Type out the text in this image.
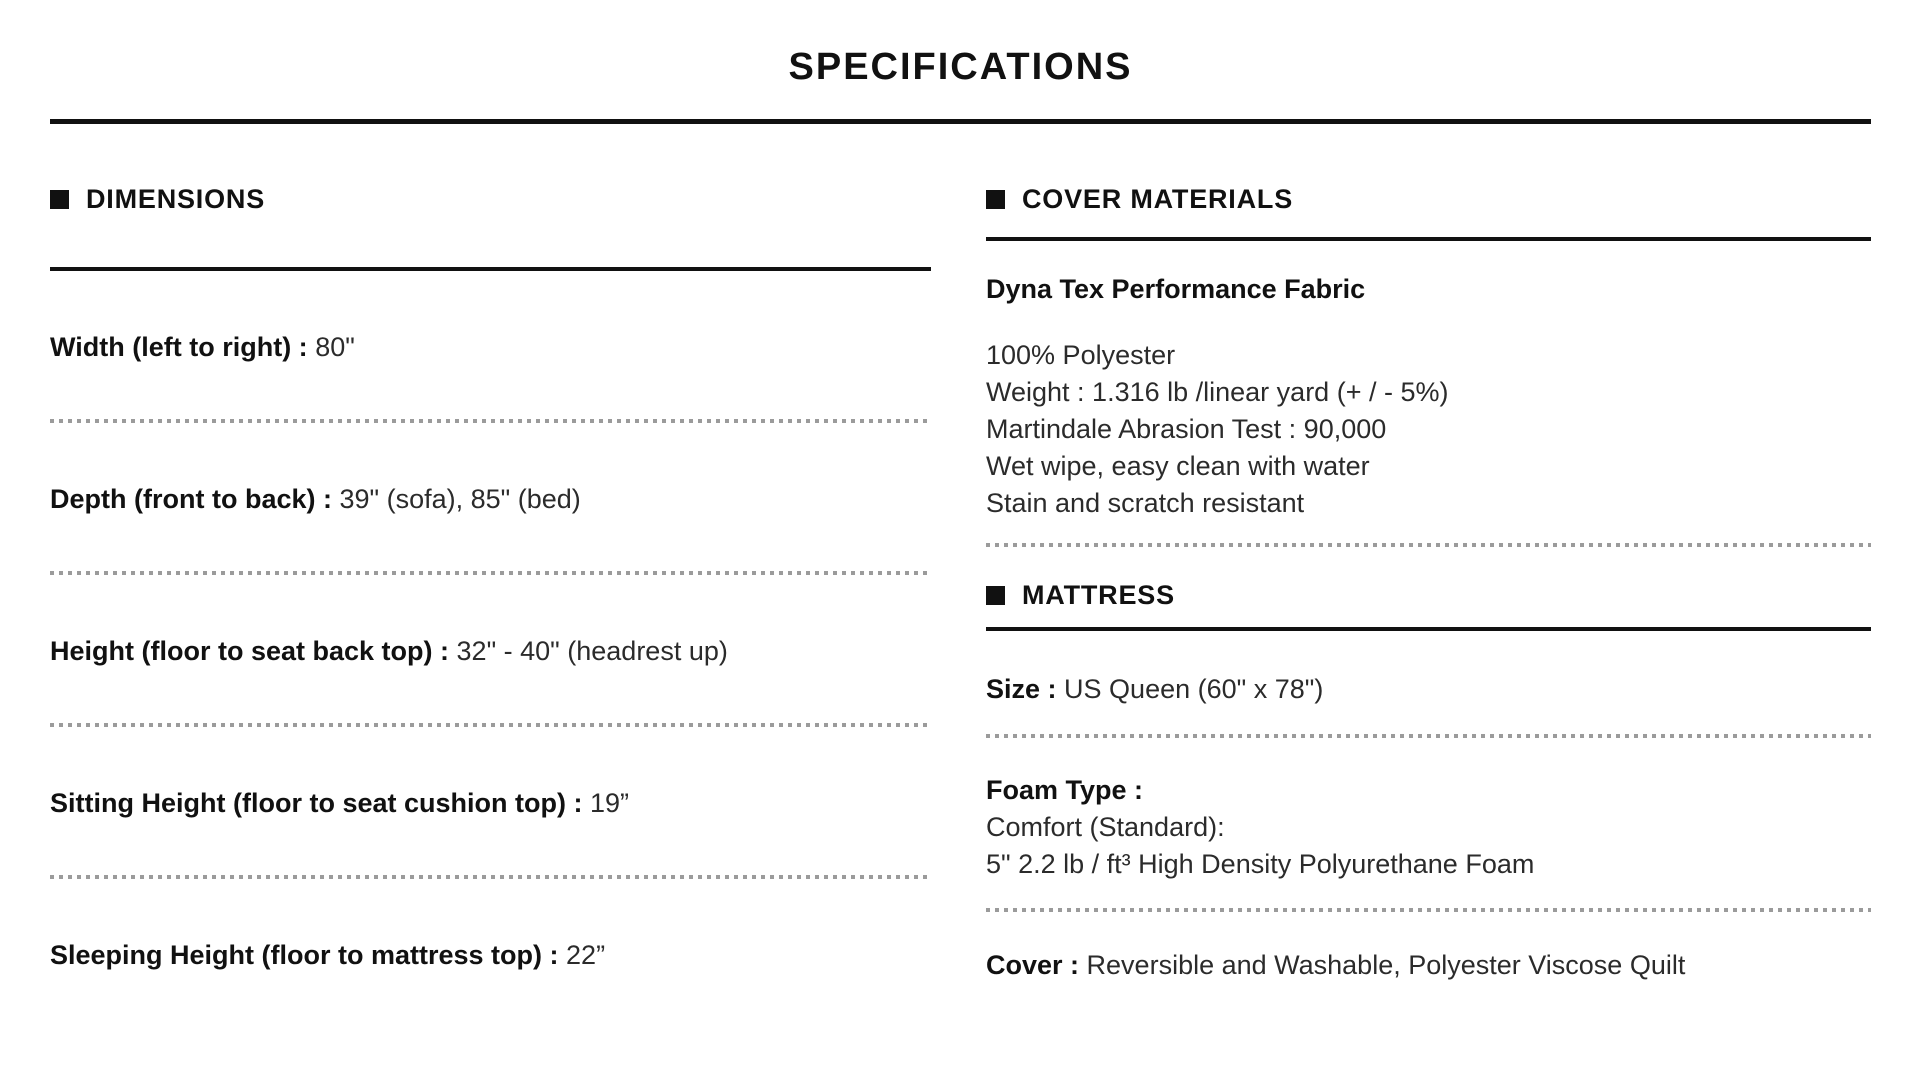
SPECIFICATIONS
DIMENSIONS
Width (left to right) : 80"
Depth (front to back) : 39" (sofa), 85" (bed)
Height (floor to seat back top) : 32" - 40" (headrest up)
Sitting Height (floor to seat cushion top) : 19”
Sleeping Height (floor to mattress top) : 22”
COVER MATERIALS
Dyna Tex Performance Fabric
100% Polyester
Weight : 1.316 lb /linear yard (+ / - 5%)
Martindale Abrasion Test : 90,000
Wet wipe, easy clean with water
Stain and scratch resistant
MATTRESS
Size : US Queen (60" x 78")
Foam Type :
Comfort (Standard):
5" 2.2 lb / ft³ High Density Polyurethane Foam
Cover : Reversible and Washable, Polyester Viscose Quilt
